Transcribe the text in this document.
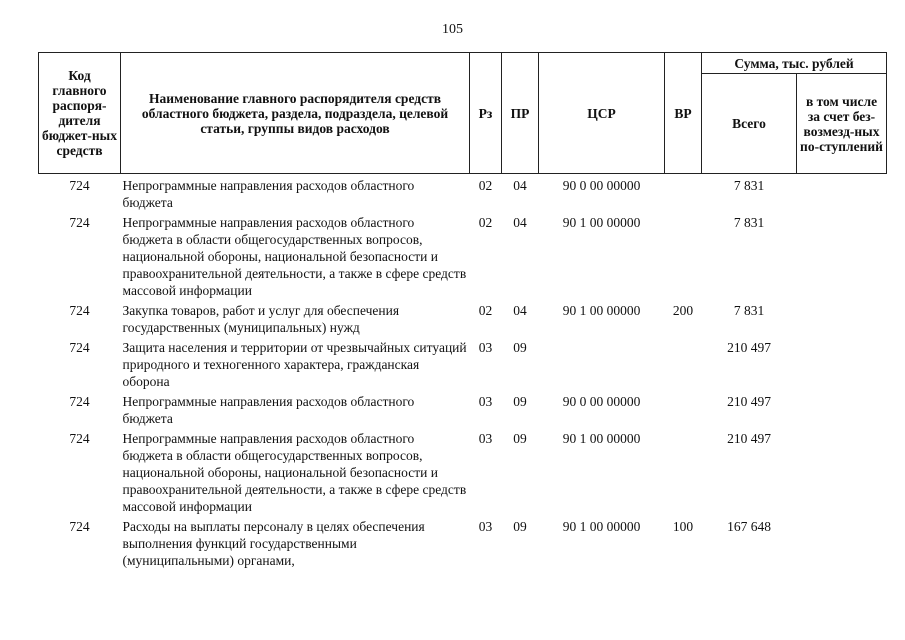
105
Код главного распоря-дителя бюджет-ных средств	Наименование главного распорядителя средств областного бюджета, раздела, подраздела, целевой статьи, группы видов расходов	Рз	ПР	ЦСР	ВР	Сумма, тыс. рублей	
						Всего	в том числе за счет без-возмезд-ных по-ступлений

724	Непрограммные направления расходов областного бюджета	02	04	90 0 00 00000		7 831	
724	Непрограммные направления расходов областного бюджета в области общегосударственных вопросов, национальной обороны, национальной безопасности и правоохранительной деятельности, а также в сфере средств массовой информации	02	04	90 1 00 00000		7 831	
724	Закупка товаров, работ и услуг для обеспечения государственных (муниципальных) нужд	02	04	90 1 00 00000	200	7 831	
724	Защита населения и территории от чрезвычайных ситуаций природного и техногенного характера, гражданская оборона	03	09			210 497	
724	Непрограммные направления расходов областного бюджета	03	09	90 0 00 00000		210 497	
724	Непрограммные направления расходов областного бюджета в области общегосударственных вопросов, национальной обороны, национальной безопасности и правоохранительной деятельности, а также в сфере средств массовой информации	03	09	90 1 00 00000		210 497	
724	Расходы на выплаты персоналу в целях обеспечения выполнения функций государственными (муниципальными) органами,	03	09	90 1 00 00000	100	167 648	
